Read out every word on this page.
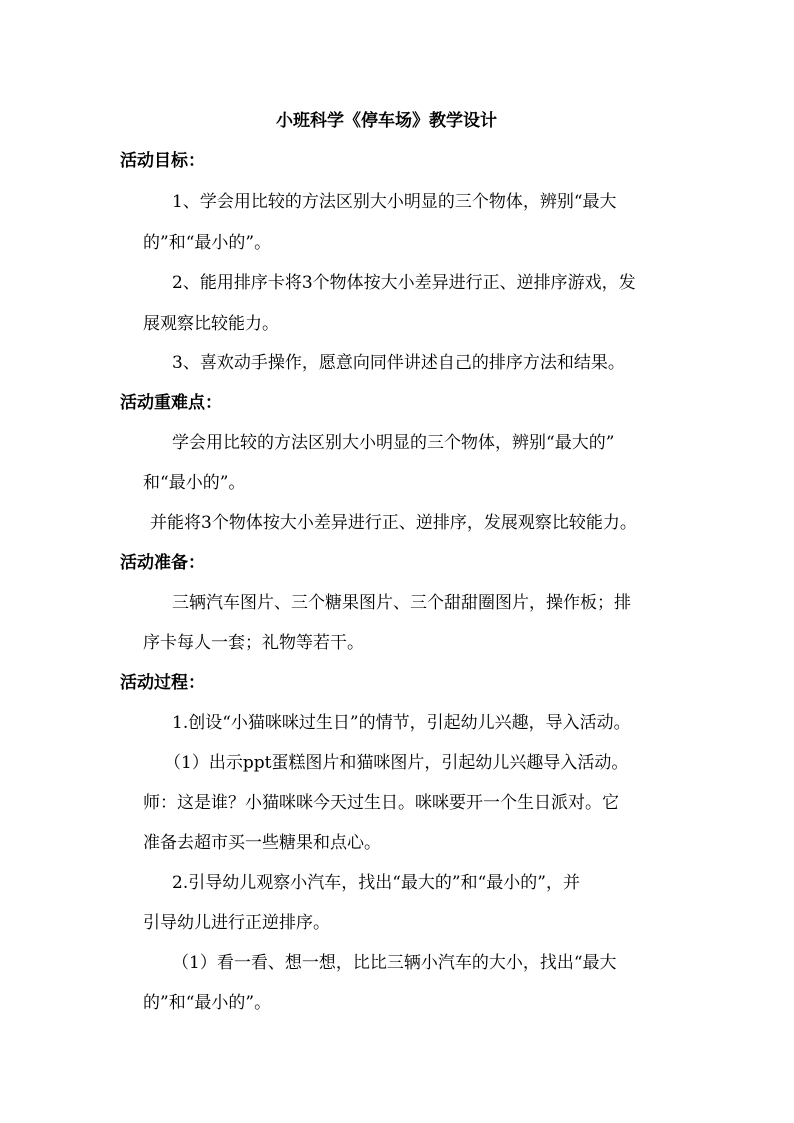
小班科学《停车场》教学设计
活动目标：
1、学会用比较的方法区别大小明显的三个物体，辨别“最大
的”和“最小的”。
2、能用排序卡将3个物体按大小差异进行正、逆排序游戏，发
展观察比较能力。
3、喜欢动手操作，愿意向同伴讲述自己的排序方法和结果。
活动重难点：
学会用比较的方法区别大小明显的三个物体，辨别“最大的”
和“最小的”。
并能将3个物体按大小差异进行正、逆排序，发展观察比较能力。
活动准备：
三辆汽车图片、三个糖果图片、三个甜甜圈图片，操作板；排
序卡每人一套；礼物等若干。
活动过程：
1.创设“小猫咪咪过生日”的情节，引起幼儿兴趣，导入活动。
（1）出示ppt蛋糕图片和猫咪图片，引起幼儿兴趣导入活动。
师：这是谁？小猫咪咪今天过生日。咪咪要开一个生日派对。它
准备去超市买一些糖果和点心。
2.引导幼儿观察小汽车，找出“最大的”和“最小的”，并
引导幼儿进行正逆排序。
（1）看一看、想一想，比比三辆小汽车的大小，找出“最大
的”和“最小的”。
